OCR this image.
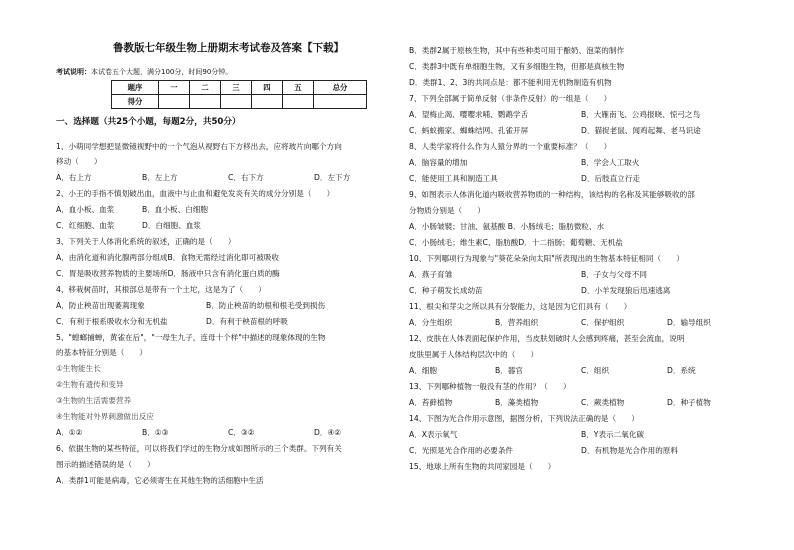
鲁教版七年级生物上册期末考试卷及答案【下载】
考试说明：本试卷五个大题，满分100分，时间90分钟。
题序	一	二	三	四	五	总分
得分						
一、选择题（共25个小题，每题2分，共50分）
1、小萌同学想把显微镜视野中的一个气泡从视野右下方移出去，应将玻片向哪个方向
移动（　　）
A．右上方	B．左上方	C．右下方	D．左下方
2、小王的手指不慎划破出血，血液中与止血和避免发炎有关的成分分别是（　　）
A．血小板、血浆	B．血小板、白细胞
C．红细胞、血浆	D．白细胞、血浆
3、下列关于人体消化系统的叙述，正确的是（　　）
A．由消化道和消化腺两部分组成B．食物无需经过消化即可被吸收
C．胃是吸收营养物质的主要场所D．肠液中只含有消化蛋白质的酶
4、移栽树苗时，其根部总是带有一个土坨，这是为了（　　）
A．防止秧苗出现萎蔫现象	B．防止秧苗的幼根和根毛受到损伤
C．有利于根系吸收水分和无机盐	D．有利于秧苗根的呼吸
5、"螳螂捕蝉，黄雀在后"，"一母生九子，连母十个样"中描述的现象体现的生物
的基本特征分别是（　　）
①生物能生长
②生物有遗传和变异
③生物的生活需要营养
④生物能对外界刺激做出反应
A．①②	B．①③	C．③②	D．④②
6、依据生物的某些特征，可以将我们学过的生物分成如图所示的三个类群。下列有关
图示的描述错误的是（　　）
A．类群1可能是病毒，它必须寄生在其他生物的活细胞中生活
B．类群2属于原核生物，其中有些种类可用于酿奶、泡菜的制作
C．类群3中既有单细胞生物，又有多细胞生物，但都是真核生物
D．类群1、2、3的共同点是：都不能利用无机物制造有机物
7、下列全部属于简单反射（非条件反射）的一组是（　　）
A．望梅止渴、嘤嘤求哺、鹦鹉学舌	B．大雁南飞、公鸡报晓、惊弓之鸟
C．蚂蚁搬家、蜘蛛结网、孔雀开屏	D．猫捉老鼠、闻鸡起舞、老马识途
8、人类学家将什么作为人猿分界的一个重要标准？（　　）
A．脑容量的增加	B．学会人工取火
C．能使用工具和制造工具	D．后肢直立行走
9、如图表示人体消化道内吸收营养物质的一种结构，该结构的名称及其能够吸收的部
分物质分别是（　　）
A．小肠皱襞；甘油、氨基酸 B．小肠绒毛；脂肪微粒、水
C．小肠绒毛；维生素C、脂肪酸D．十二指肠；葡萄糖、无机盐
10、下列哪项行为现象与"葵花朵朵向太阳"所表现出的生物基本特征相同（　　）
A．燕子育雏	B．子女与父母不同
C．种子萌发长成幼苗	D．小羊发现狼后迅速逃离
11、根尖和芽尖之所以具有分裂能力，这是因为它们具有（　　）
A．分生组织	B．营养组织	C．保护组织	D．输导组织
12、皮肤在人体表面起保护作用，当皮肤划破时人会感到疼痛，甚至会流血，说明
皮肤里属于人体结构层次中的（　　）
A．细胞	B．器官	C．组织	D．系统
13、下列哪种植物一般没有茎的作用？（　　）
A．苔藓植物	B．藻类植物	C．蕨类植物	D．种子植物
14、下图为光合作用示意图，据图分析，下列说法正确的是（　　）
A．X表示氧气	B．Y表示二氧化碳
C．光照是光合作用的必要条件	D．有机物是光合作用的原料
15、地球上所有生物的共同家园是（　　）
